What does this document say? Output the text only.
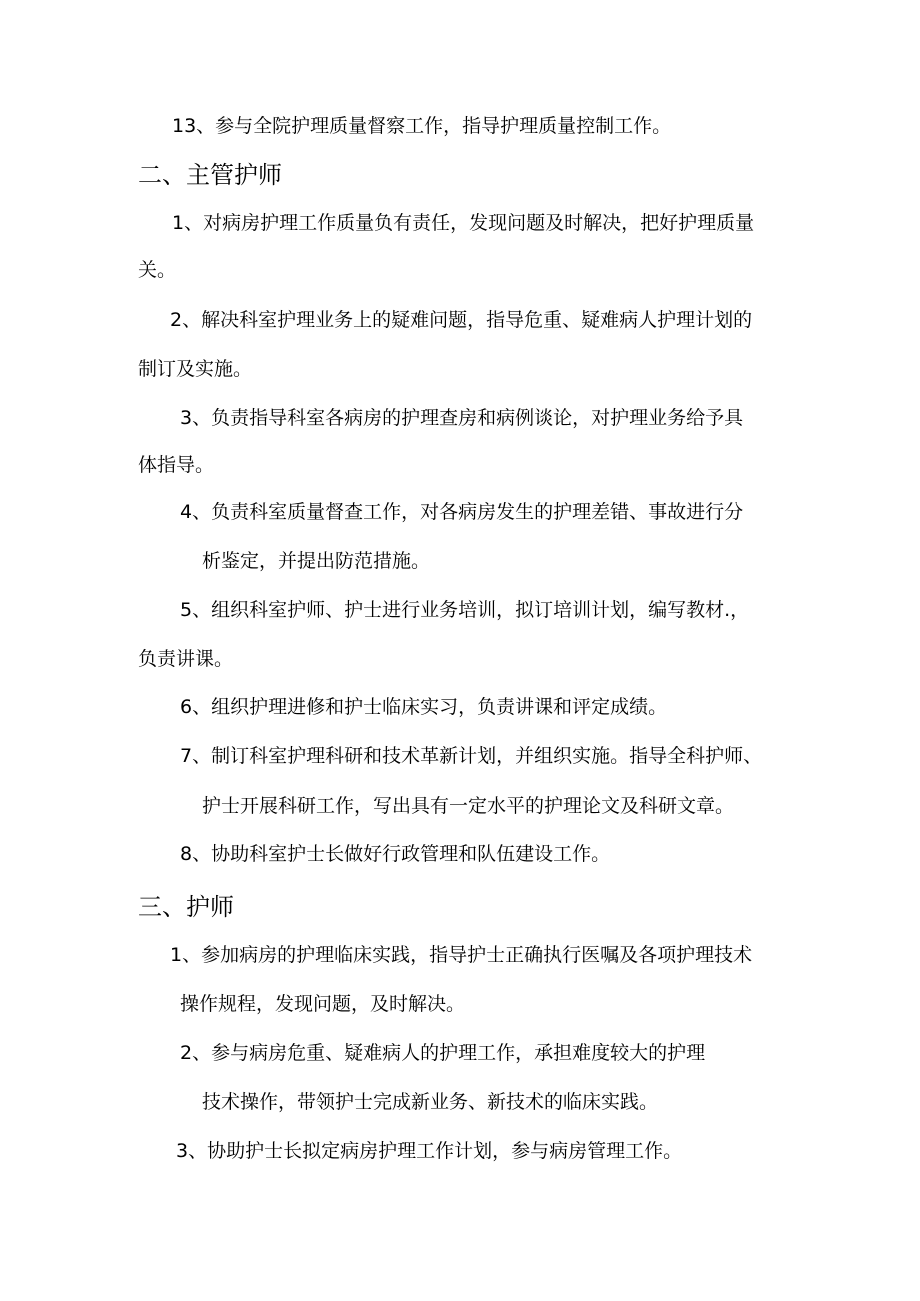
13、参与全院护理质量督察工作，指导护理质量控制工作。
二、主管护师
1、对病房护理工作质量负有责任，发现问题及时解决，把好护理质量
关。
2、解决科室护理业务上的疑难问题，指导危重、疑难病人护理计划的
制订及实施。
3、负责指导科室各病房的护理查房和病例谈论，对护理业务给予具
体指导。
4、负责科室质量督查工作，对各病房发生的护理差错、事故进行分
析鉴定，并提出防范措施。
5、组织科室护师、护士进行业务培训，拟订培训计划，编写教材.，
负责讲课。
6、组织护理进修和护士临床实习，负责讲课和评定成绩。
7、制订科室护理科研和技术革新计划，并组织实施。指导全科护师、
护士开展科研工作，写出具有一定水平的护理论文及科研文章。
8、协助科室护士长做好行政管理和队伍建设工作。
三、护师
1、参加病房的护理临床实践，指导护士正确执行医嘱及各项护理技术
操作规程，发现问题，及时解决。
2、参与病房危重、疑难病人的护理工作，承担难度较大的护理
技术操作，带领护士完成新业务、新技术的临床实践。
3、协助护士长拟定病房护理工作计划，参与病房管理工作。
